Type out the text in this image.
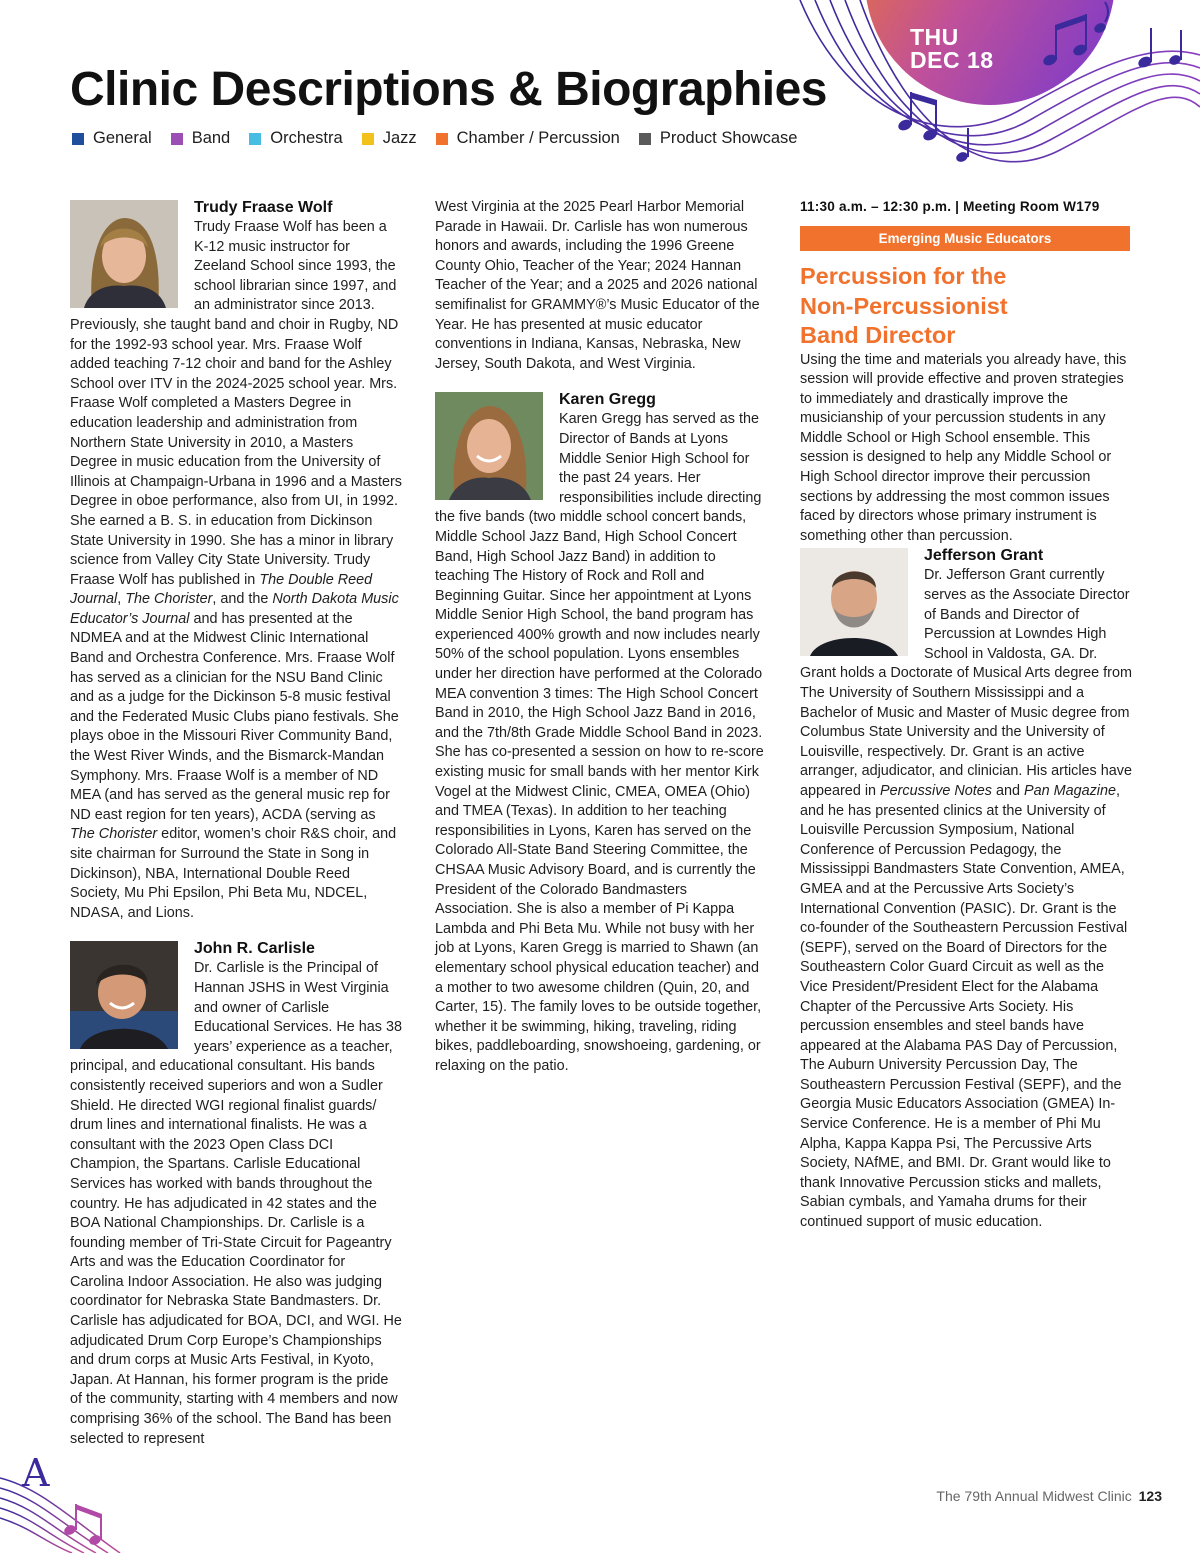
THU
DEC 18
Clinic Descriptions & Biographies
General Band Orchestra Jazz Chamber / Percussion Product Showcase
Trudy Fraase Wolf

Trudy Fraase Wolf has been a K-12 music instructor for Zeeland School since 1993, the school librarian since 1997, and an administrator since 2013. Previously, she taught band and choir in Rugby, ND for the 1992-93 school year. Mrs. Fraase Wolf added teaching 7-12 choir and band for the Ashley School over ITV in the 2024-2025 school year. Mrs. Fraase Wolf completed a Masters Degree in education leadership and administration from Northern State University in 2010, a Masters Degree in music education from the University of Illinois at Champaign-Urbana in 1996 and a Masters Degree in oboe performance, also from UI, in 1992. She earned a B. S. in education from Dickinson State University in 1990. She has a minor in library science from Valley City State University. Trudy Fraase Wolf has published in The Double Reed Journal, The Chorister, and the North Dakota Music Educator’s Journal and has presented at the NDMEA and at the Midwest Clinic International Band and Orchestra Conference. Mrs. Fraase Wolf has served as a clinician for the NSU Band Clinic and as a judge for the Dickinson 5-8 music festival and the Federated Music Clubs piano festivals. She plays oboe in the Missouri River Community Band, the West River Winds, and the Bismarck-Mandan Symphony. Mrs. Fraase Wolf is a member of ND MEA (and has served as the general music rep for ND east region for ten years), ACDA (serving as The Chorister editor, women’s choir R&S choir, and site chairman for Surround the State in Song in Dickinson), NBA, International Double Reed Society, Mu Phi Epsilon, Phi Beta Mu, NDCEL, NDASA, and Lions.

John R. Carlisle

Dr. Carlisle is the Principal of Hannan JSHS in West Virginia and owner of Carlisle Educational Services. He has 38 years’ experience as a teacher, principal, and educational consultant. His bands consistently received superiors and won a Sudler Shield. He directed WGI regional finalist guards/ drum lines and international finalists. He was a consultant with the 2023 Open Class DCI Champion, the Spartans. Carlisle Educational Services has worked with bands throughout the country. He has adjudicated in 42 states and the BOA National Championships. Dr. Carlisle is a founding member of Tri-State Circuit for Pageantry Arts and was the Education Coordinator for Carolina Indoor Association. He also was judging coordinator for Nebraska State Bandmasters. Dr. Carlisle has adjudicated for BOA, DCI, and WGI. He adjudicated Drum Corp Europe’s Championships and drum corps at Music Arts Festival, in Kyoto, Japan. At Hannan, his former program is the pride of the community, starting with 4 members and now comprising 36% of the school. The Band has been selected to represent

West Virginia at the 2025 Pearl Harbor Memorial Parade in Hawaii. Dr. Carlisle has won numerous honors and awards, including the 1996 Greene County Ohio, Teacher of the Year; 2024 Hannan Teacher of the Year; and a 2025 and 2026 national semifinalist for GRAMMY®’s Music Educator of the Year. He has presented at music educator conventions in Indiana, Kansas, Nebraska, New Jersey, South Dakota, and West Virginia.

Karen Gregg

Karen Gregg has served as the Director of Bands at Lyons Middle Senior High School for the past 24 years. Her responsibilities include directing the five bands (two middle school concert bands, Middle School Jazz Band, High School Concert Band, High School Jazz Band) in addition to teaching The History of Rock and Roll and Beginning Guitar. Since her appointment at Lyons Middle Senior High School, the band program has experienced 400% growth and now includes nearly 50% of the school population. Lyons ensembles under her direction have performed at the Colorado MEA convention 3 times: The High School Concert Band in 2010, the High School Jazz Band in 2016, and the 7th/8th Grade Middle School Band in 2023. She has co-presented a session on how to re-score existing music for small bands with her mentor Kirk Vogel at the Midwest Clinic, CMEA, OMEA (Ohio) and TMEA (Texas). In addition to her teaching responsibilities in Lyons, Karen has served on the Colorado All-State Band Steering Committee, the CHSAA Music Advisory Board, and is currently the President of the Colorado Bandmasters Association. She is also a member of Pi Kappa Lambda and Phi Beta Mu. While not busy with her job at Lyons, Karen Gregg is married to Shawn (an elementary school physical education teacher) and a mother to two awesome children (Quin, 20, and Carter, 15). The family loves to be outside together, whether it be swimming, hiking, traveling, riding bikes, paddleboarding, snowshoeing, gardening, or relaxing on the patio.

11:30 a.m. – 12:30 p.m. | Meeting Room W179
Emerging Music Educators
Percussion for the
Non-Percussionist
Band Director

Using the time and materials you already have, this session will provide effective and proven strategies to immediately and drastically improve the musicianship of your percussion students in any Middle School or High School ensemble. This session is designed to help any Middle School or High School director improve their percussion sections by addressing the most common issues faced by directors whose primary instrument is something other than percussion.

Jefferson Grant

Dr. Jefferson Grant currently serves as the Associate Director of Bands and Director of Percussion at Lowndes High School in Valdosta, GA. Dr. Grant holds a Doctorate of Musical Arts degree from The University of Southern Mississippi and a Bachelor of Music and Master of Music degree from Columbus State University and the University of Louisville, respectively. Dr. Grant is an active arranger, adjudicator, and clinician. His articles have appeared in Percussive Notes and Pan Magazine, and he has presented clinics at the University of Louisville Percussion Symposium, National Conference of Percussion Pedagogy, the Mississippi Bandmasters State Convention, AMEA, GMEA and at the Percussive Arts Society’s International Convention (PASIC). Dr. Grant is the co-founder of the Southeastern Percussion Festival (SEPF), served on the Board of Directors for the Southeastern Color Guard Circuit as well as the Vice President/President Elect for the Alabama Chapter of the Percussive Arts Society. His percussion ensembles and steel bands have appeared at the Alabama PAS Day of Percussion, The Auburn University Percussion Day, The Southeastern Percussion Festival (SEPF), and the Georgia Music Educators Association (GMEA) In-Service Conference. He is a member of Phi Mu Alpha, Kappa Kappa Psi, The Percussive Arts Society, NAfME, and BMI. Dr. Grant would like to thank Innovative Percussion sticks and mallets, Sabian cymbals, and Yamaha drums for their continued support of music education.

A
The 79th Annual Midwest Clinic 123
